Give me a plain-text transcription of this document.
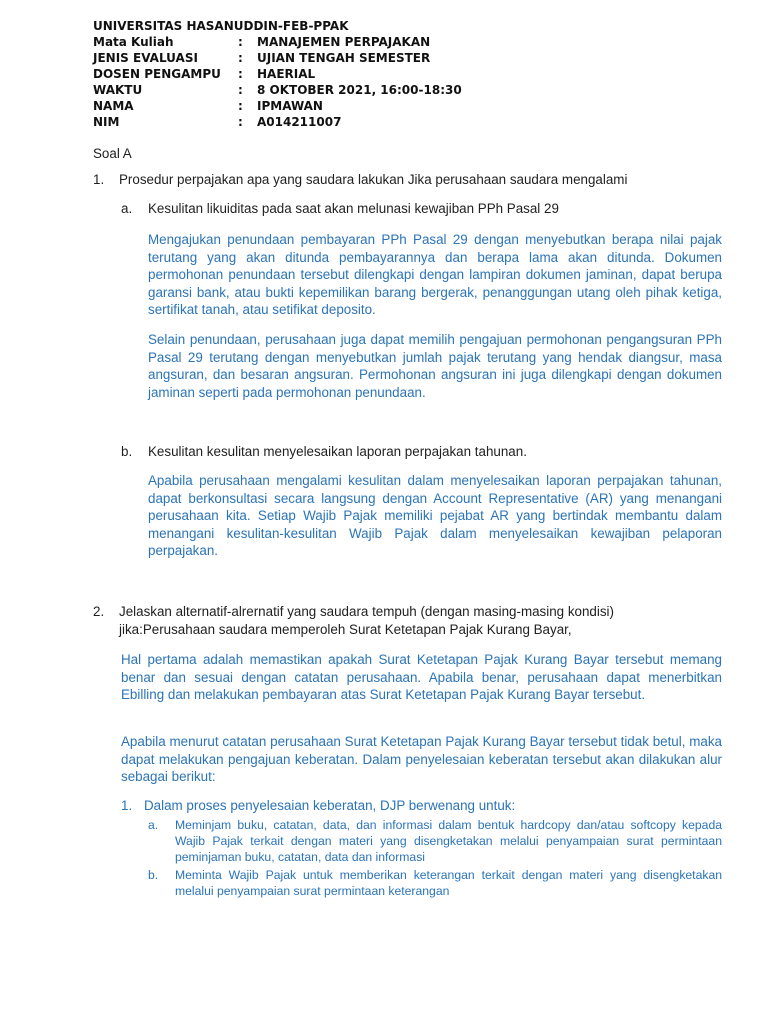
UNIVERSITAS HASANUDDIN-FEB-PPAK
Mata Kuliah	: MANAJEMEN PERPAJAKAN
JENIS EVALUASI	: UJIAN TENGAH SEMESTER
DOSEN PENGAMPU : HAERIAL
WAKTU	: 8 OKTOBER 2021, 16:00-18:30
NAMA	: IPMAWAN
NIM	: A014211007
Soal A
1.	Prosedur perpajakan apa yang saudara lakukan Jika perusahaan saudara mengalami
a.	Kesulitan likuiditas pada saat akan melunasi kewajiban PPh Pasal 29
Mengajukan penundaan pembayaran PPh Pasal 29 dengan menyebutkan berapa nilai pajak terutang yang akan ditunda pembayarannya dan berapa lama akan ditunda. Dokumen permohonan penundaan tersebut dilengkapi dengan lampiran dokumen jaminan, dapat berupa garansi bank, atau bukti kepemilikan barang bergerak, penanggungan utang oleh pihak ketiga, sertifikat tanah, atau setifikat deposito.
Selain penundaan, perusahaan juga dapat memilih pengajuan permohonan pengangsuran PPh Pasal 29 terutang dengan menyebutkan jumlah pajak terutang yang hendak diangsur, masa angsuran, dan besaran angsuran. Permohonan angsuran ini juga dilengkapi dengan dokumen jaminan seperti pada permohonan penundaan.
b.	Kesulitan kesulitan menyelesaikan laporan perpajakan tahunan.
Apabila perusahaan mengalami kesulitan dalam menyelesaikan laporan perpajakan tahunan, dapat berkonsultasi secara langsung dengan Account Representative (AR) yang menangani perusahaan kita. Setiap Wajib Pajak memiliki pejabat AR yang bertindak membantu dalam menangani kesulitan-kesulitan Wajib Pajak dalam menyelesaikan kewajiban pelaporan perpajakan.
2.	Jelaskan alternatif-alrernatif yang saudara tempuh (dengan masing-masing kondisi)
jika:Perusahaan saudara memperoleh Surat Ketetapan Pajak Kurang Bayar,
Hal pertama adalah memastikan apakah Surat Ketetapan Pajak Kurang Bayar tersebut memang benar dan sesuai dengan catatan perusahaan. Apabila benar, perusahaan dapat menerbitkan Ebilling dan melakukan pembayaran atas Surat Ketetapan Pajak Kurang Bayar tersebut.
Apabila menurut catatan perusahaan Surat Ketetapan Pajak Kurang Bayar tersebut tidak betul, maka dapat melakukan pengajuan keberatan. Dalam penyelesaian keberatan tersebut akan dilakukan alur sebagai berikut:
1. Dalam proses penyelesaian keberatan, DJP berwenang untuk:
a.	Meminjam buku, catatan, data, dan informasi dalam bentuk hardcopy dan/atau softcopy kepada Wajib Pajak terkait dengan materi yang disengketakan melalui penyampaian surat permintaan peminjaman buku, catatan, data dan informasi
b.	Meminta Wajib Pajak untuk memberikan keterangan terkait dengan materi yang disengketakan melalui penyampaian surat permintaan keterangan
